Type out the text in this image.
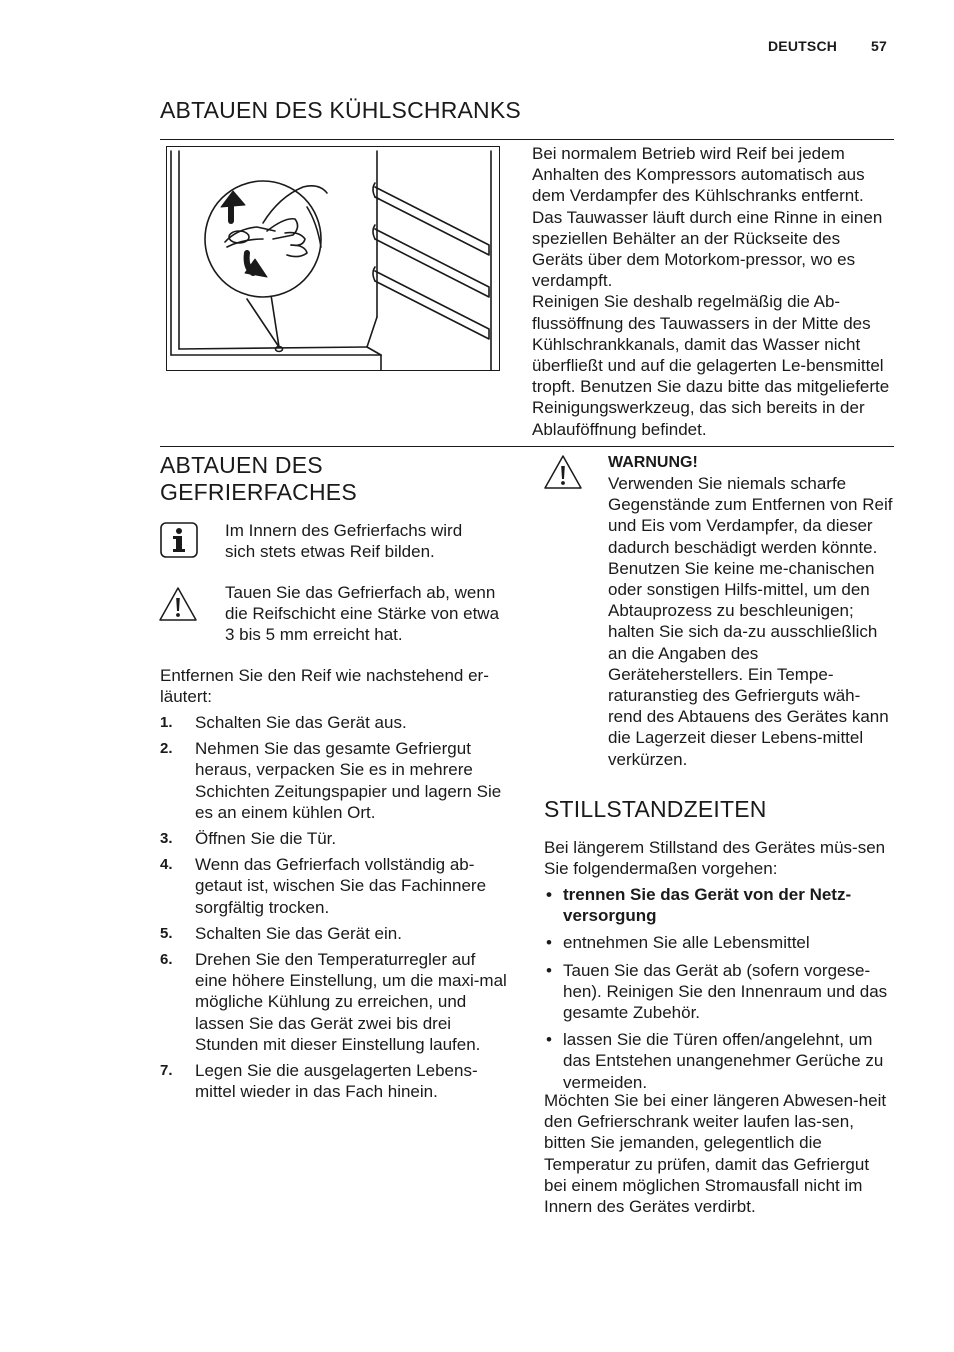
DEUTSCH 57
ABTAUEN DES KÜHLSCHRANKS

Bei normalem Betrieb wird Reif bei jedem Anhalten des Kompressors automatisch aus dem Verdampfer des Kühlschranks entfernt. Das Tauwasser läuft durch eine Rinne in einen speziellen Behälter an der Rückseite des Geräts über dem Motorkom-pressor, wo es verdampft.

Reinigen Sie deshalb regelmäßig die Ab-flussöffnung des Tauwassers in der Mitte des Kühlschrankkanals, damit das Wasser nicht überfließt und auf die gelagerten Le-bensmittel tropft. Benutzen Sie dazu bitte das mitgelieferte Reinigungswerkzeug, das sich bereits in der Ablauföffnung befindet.

ABTAUEN DES
GEFRIERFACHES

Im Innern des Gefrierfachs wird sich stets etwas Reif bilden.

Tauen Sie das Gefrierfach ab, wenn die Reifschicht eine Stärke von etwa 3 bis 5 mm erreicht hat.

Entfernen Sie den Reif wie nachstehend er-läutert:

1. Schalten Sie das Gerät aus.
2. Nehmen Sie das gesamte Gefriergut heraus, verpacken Sie es in mehrere Schichten Zeitungspapier und lagern Sie es an einem kühlen Ort.
3. Öffnen Sie die Tür.
4. Wenn das Gefrierfach vollständig ab-getaut ist, wischen Sie das Fachinnere sorgfältig trocken.
5. Schalten Sie das Gerät ein.
6. Drehen Sie den Temperaturregler auf eine höhere Einstellung, um die maxi-mal mögliche Kühlung zu erreichen, und lassen Sie das Gerät zwei bis drei Stunden mit dieser Einstellung laufen.
7. Legen Sie die ausgelagerten Lebens-mittel wieder in das Fach hinein.
WARNUNG!

Verwenden Sie niemals scharfe Gegenstände zum Entfernen von Reif und Eis vom Verdampfer, da dieser dadurch beschädigt werden könnte. Benutzen Sie keine me-chanischen oder sonstigen Hilfs-mittel, um den Abtauprozess zu beschleunigen; halten Sie sich da-zu ausschließlich an die Angaben des Geräteherstellers. Ein Tempe-raturanstieg des Gefrierguts wäh-rend des Abtauens des Gerätes kann die Lagerzeit dieser Lebens-mittel verkürzen.

STILLSTANDZEITEN

Bei längerem Stillstand des Gerätes müs-sen Sie folgendermaßen vorgehen:

• trennen Sie das Gerät von der Netz-versorgung
• entnehmen Sie alle Lebensmittel
• Tauen Sie das Gerät ab (sofern vorgese-hen). Reinigen Sie den Innenraum und das gesamte Zubehör.
• lassen Sie die Türen offen/angelehnt, um das Entstehen unangenehmer Gerüche zu vermeiden.

Möchten Sie bei einer längeren Abwesen-heit den Gefrierschrank weiter laufen las-sen, bitten Sie jemanden, gelegentlich die Temperatur zu prüfen, damit das Gefriergut bei einem möglichen Stromausfall nicht im Innern des Gerätes verdirbt.
